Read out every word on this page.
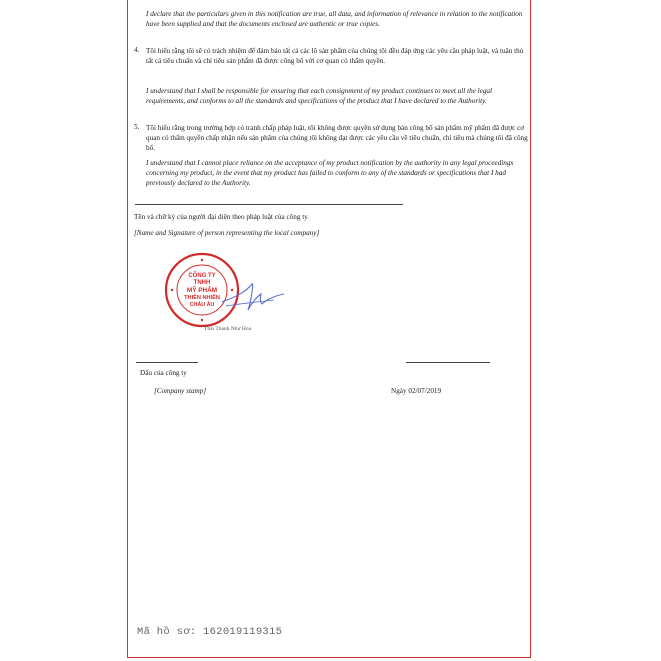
I declare that the particulars given in this notification are true, all data, and information of relevance in relation to the notification have been supplied and that the documents enclosed are authentic or true copies.
4. Tôi hiểu rằng tôi sẽ có trách nhiệm để đảm bảo tất cả các lô sản phẩm của chúng tôi đều đáp ứng các yêu cầu pháp luật, và tuân thủ tất cả tiêu chuẩn và chỉ tiêu sản phẩm đã được công bố với cơ quan có thẩm quyền.
I understand that I shall be responsible for ensuring that each consignment of my product continues to meet all the legal requirements, and conforms to all the standards and specifications of the product that I have declared to the Authority.
5. Tôi hiểu rằng trong trường hợp có tranh chấp pháp luật, tôi không được quyền sử dụng bản công bố sản phẩm mỹ phẩm đã được cơ quan có thẩm quyền chấp nhận nếu sản phẩm của chúng tôi không đạt được các yêu cầu về tiêu chuẩn, chỉ tiêu mà chúng tôi đã công bố.
I understand that I cannot place reliance on the acceptance of my product notification by the authority in any legal proceedings concerning my product, in the event that my product has failed to conform to any of the standards or specifications that I had previously declared to the Authority.
Tên và chữ ký của người đại diện theo pháp luật của công ty
[Name and Signature of person representing the local company]
CÔNG TY
TNHH
MỸ PHẨM
THIÊN NHIÊN
CHÂU ÂU
Thái Thanh Như Hoa
Dấu của công ty
[Company stamp]	Ngày 02/07/2019
Mã hồ sơ: 162019119315
